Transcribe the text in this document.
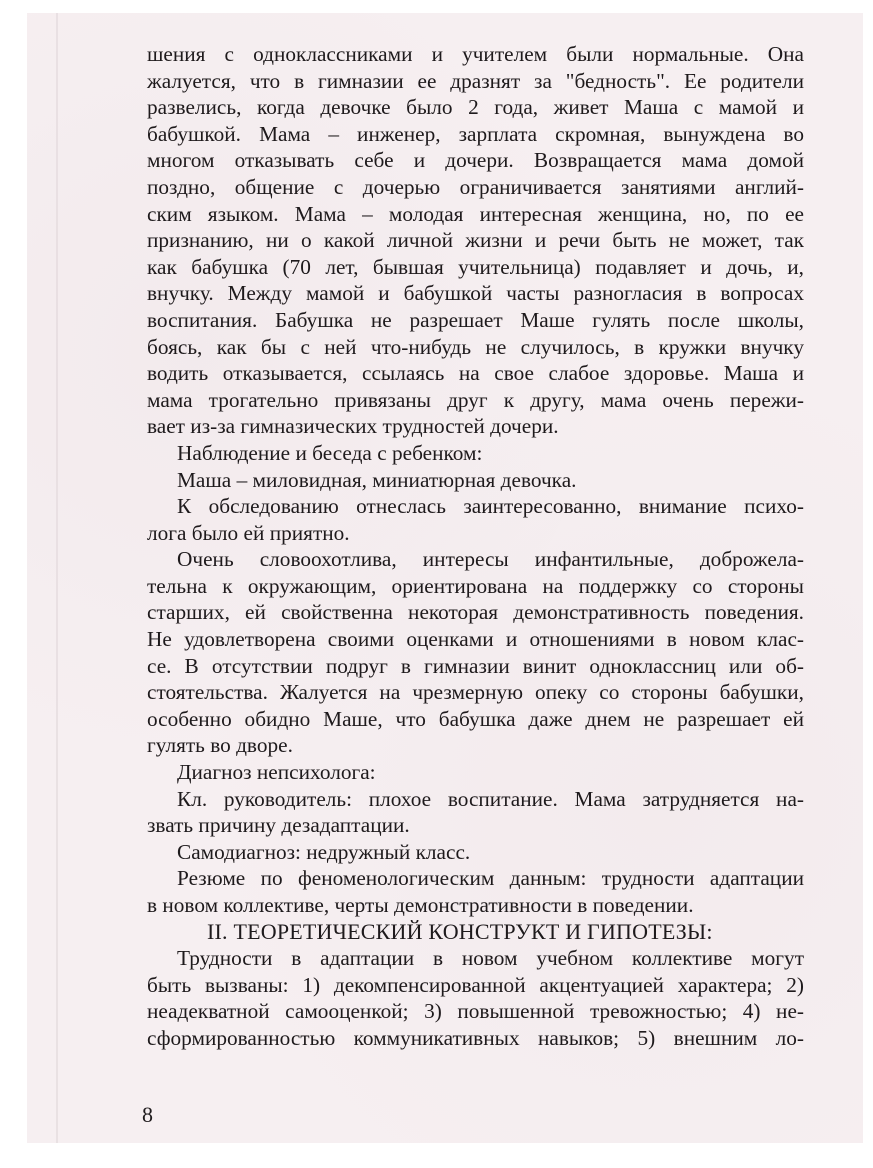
шения с одноклассниками и учителем были нормальные. Она
жалуется, что в гимназии ее дразнят за "бедность". Ее родители
развелись, когда девочке было 2 года, живет Маша с мамой и
бабушкой. Мама – инженер, зарплата скромная, вынуждена во
многом отказывать себе и дочери. Возвращается мама домой
поздно, общение с дочерью ограничивается занятиями англий-
ским языком. Мама – молодая интересная женщина, но, по ее
признанию, ни о какой личной жизни и речи быть не может, так
как бабушка (70 лет, бывшая учительница) подавляет и дочь, и,
внучку. Между мамой и бабушкой часты разногласия в вопросах
воспитания. Бабушка не разрешает Маше гулять после школы,
боясь, как бы с ней что-нибудь не случилось, в кружки внучку
водить отказывается, ссылаясь на свое слабое здоровье. Маша и
мама трогательно привязаны друг к другу, мама очень пережи-
вает из-за гимназических трудностей дочери.

Наблюдение и беседа с ребенком:

Маша – миловидная, миниатюрная девочка.

К обследованию отнеслась заинтересованно, внимание психо-
лога было ей приятно.

Очень словоохотлива, интересы инфантильные, доброжела-
тельна к окружающим, ориентирована на поддержку со стороны
старших, ей свойственна некоторая демонстративность поведения.
Не удовлетворена своими оценками и отношениями в новом клас-
се. В отсутствии подруг в гимназии винит одноклассниц или об-
стоятельства. Жалуется на чрезмерную опеку со стороны бабушки,
особенно обидно Маше, что бабушка даже днем не разрешает ей
гулять во дворе.

Диагноз непсихолога:

Кл. руководитель: плохое воспитание. Мама затрудняется на-
звать причину дезадаптации.

Самодиагноз: недружный класс.

Резюме по феноменологическим данным: трудности адаптации
в новом коллективе, черты демонстративности в поведении.

II. ТЕОРЕТИЧЕСКИЙ КОНСТРУКТ И ГИПОТЕЗЫ:

Трудности в адаптации в новом учебном коллективе могут
быть вызваны: 1) декомпенсированной акцентуацией характера; 2)
неадекватной самооценкой; 3) повышенной тревожностью; 4) не-
сформированностью коммуникативных навыков; 5) внешним ло-

8
